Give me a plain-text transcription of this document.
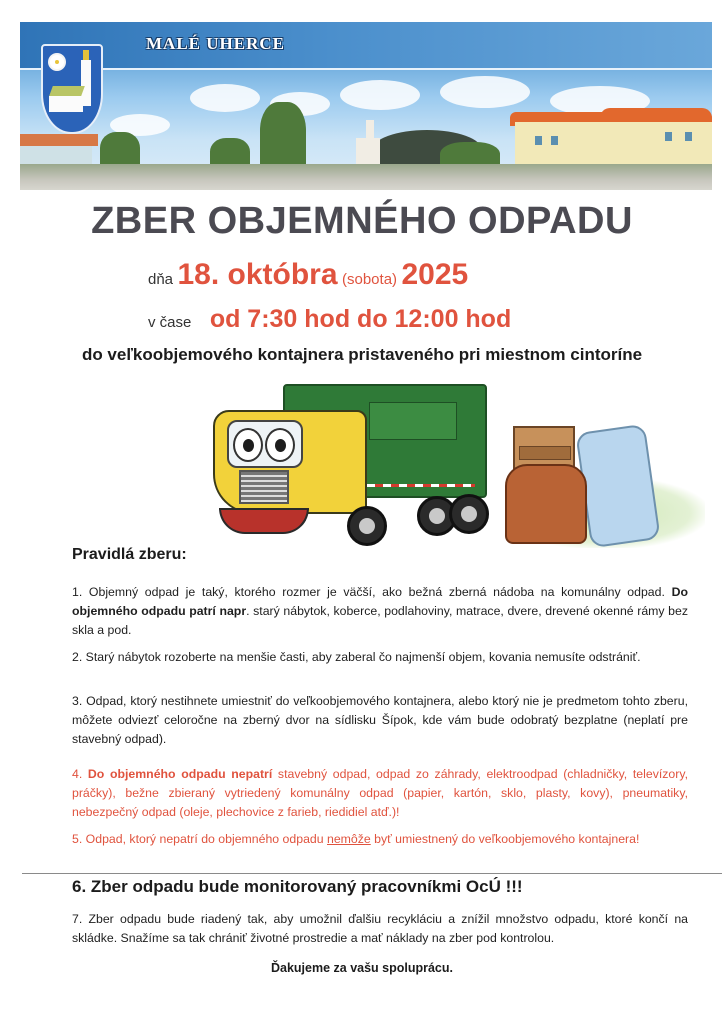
MALÉ UHERCE
ZBER OBJEMNÉHO ODPADU
dňa 18. októbra (sobota) 2025
v čase od 7:30 hod do 12:00 hod
do veľkoobjemového kontajnera pristaveného pri miestnom cintoríne
Pravidlá zberu:
1. Objemný odpad je taký, ktorého rozmer je väčší, ako bežná zberná nádoba na komunálny odpad. Do objemného odpadu patrí napr. starý nábytok, koberce, podlahoviny, matrace, dvere, drevené okenné rámy bez skla a pod.
2. Starý nábytok rozoberte na menšie časti, aby zaberal čo najmenší objem, kovania nemusíte odstrániť.
3. Odpad, ktorý nestihnete umiestniť do veľkoobjemového kontajnera, alebo ktorý nie je predmetom tohto zberu, môžete odviezť celoročne na zberný dvor na sídlisku Šípok, kde vám bude odobratý bezplatne (neplatí pre stavebný odpad).
4. Do objemného odpadu nepatrí stavebný odpad, odpad zo záhrady, elektroodpad (chladničky, televízory, práčky), bežne zbieraný vytriedený komunálny odpad (papier, kartón, sklo, plasty, kovy), pneumatiky, nebezpečný odpad (oleje, plechovice z farieb, riedidiel atď.)!
5. Odpad, ktorý nepatrí do objemného odpadu nemôže byť umiestnený do veľkoobjemového kontajnera!
6. Zber odpadu bude monitorovaný pracovníkmi OcÚ !!!
7. Zber odpadu bude riadený tak, aby umožnil ďalšiu recykláciu a znížil množstvo odpadu, ktoré končí na skládke. Snažíme sa tak chrániť životné prostredie a mať náklady na zber pod kontrolou.
Ďakujeme za vašu spoluprácu.
